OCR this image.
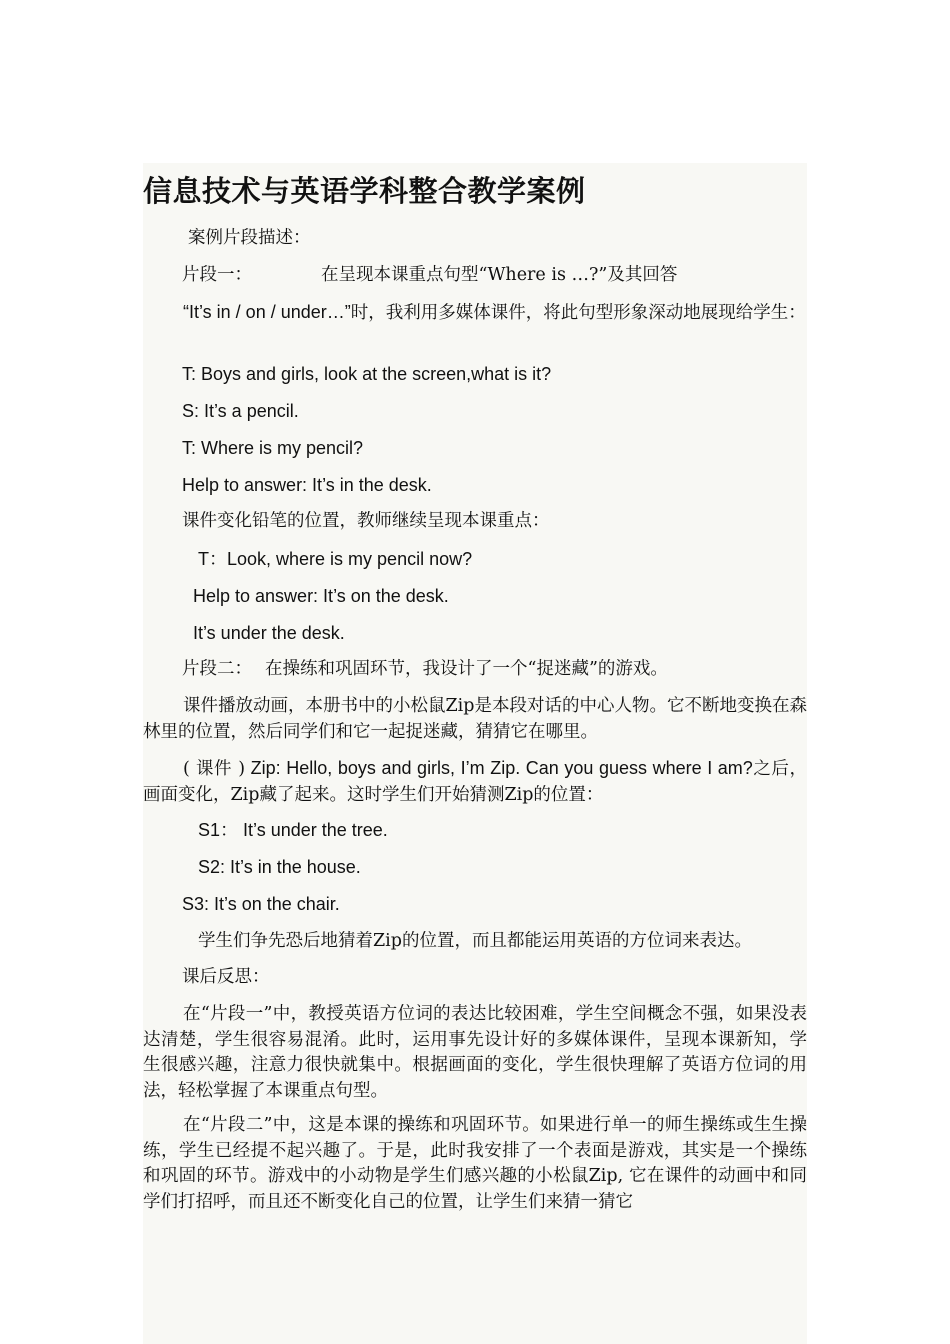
信息技术与英语学科整合教学案例

案例片段描述：

片段一：	在呈现本课重点句型“Where is …?”及其回答

“It’s in / on / under…”时，我利用多媒体课件，将此句型形象深动地展现给学生：

T: Boys and girls, look at the screen,what is it?

S: It’s a pencil.

T: Where is my pencil?

Help to answer: It’s in the desk.

课件变化铅笔的位置，教师继续呈现本课重点：

T：Look, where is my pencil now?

Help to answer: It’s on the desk.

It’s under the desk.

片段二： 在操练和巩固环节，我设计了一个“捉迷藏”的游戏。

课件播放动画，本册书中的小松鼠Zip是本段对话的中心人物。它不断地变换在森林里的位置，然后同学们和它一起捉迷藏，猜猜它在哪里。

( 课件 ) Zip: Hello, boys and girls, I’m Zip. Can you guess where I am?之后，画面变化，Zip藏了起来。这时学生们开始猜测Zip的位置：

S1： It’s under the tree.

S2: It’s in the house.

S3: It’s on the chair.

学生们争先恐后地猜着Zip的位置，而且都能运用英语的方位词来表达。

课后反思：

在“片段一”中，教授英语方位词的表达比较困难，学生空间概念不强，如果没表达清楚，学生很容易混淆。此时，运用事先设计好的多媒体课件，呈现本课新知，学生很感兴趣，注意力很快就集中。根据画面的变化，学生很快理解了英语方位词的用法，轻松掌握了本课重点句型。

在“片段二”中，这是本课的操练和巩固环节。如果进行单一的师生操练或生生操练，学生已经提不起兴趣了。于是，此时我安排了一个表面是游戏，其实是一个操练和巩固的环节。游戏中的小动物是学生们感兴趣的小松鼠Zip, 它在课件的动画中和同学们打招呼，而且还不断变化自己的位置，让学生们来猜一猜它
